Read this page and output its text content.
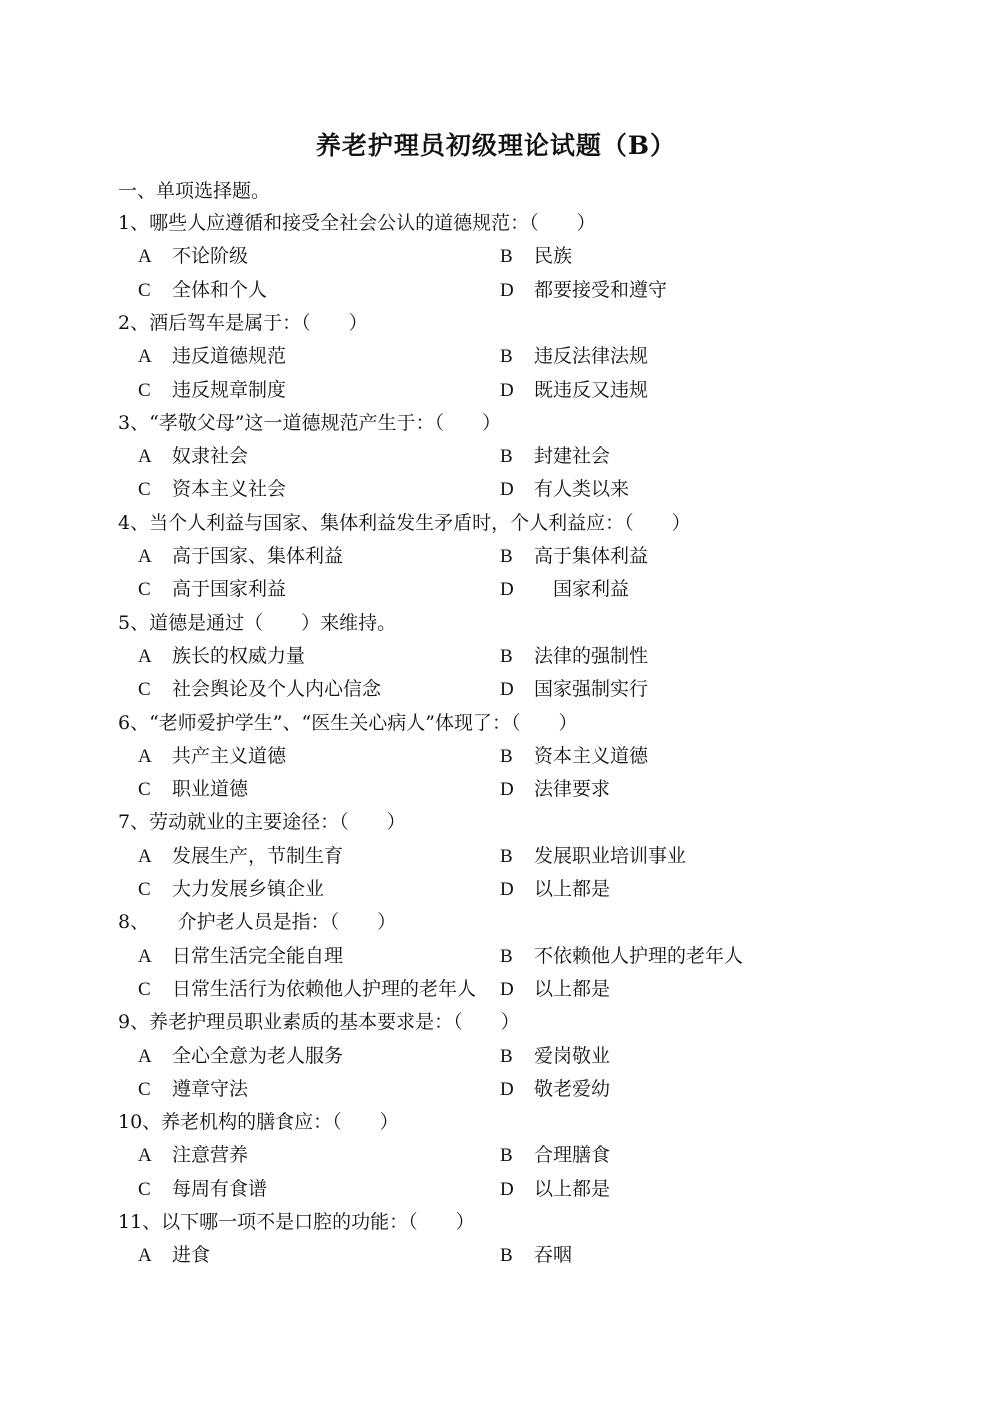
养老护理员初级理论试题（B）
一、单项选择题。
1、哪些人应遵循和接受全社会公认的道德规范：（　　）
A 不论阶级	B 民族
C 全体和个人	D 都要接受和遵守
2、酒后驾车是属于：（　　）
A 违反道德规范	B 违反法律法规
C 违反规章制度	D 既违反又违规
3、“孝敬父母”这一道德规范产生于：（　　）
A 奴隶社会	B 封建社会
C 资本主义社会	D 有人类以来
4、当个人利益与国家、集体利益发生矛盾时，个人利益应：（　　）
A 高于国家、集体利益	B 高于集体利益
C 高于国家利益	D　国家利益
5、道德是通过（　　）来维持。
A 族长的权威力量	B 法律的强制性
C 社会舆论及个人内心信念	D 国家强制实行
6、“老师爱护学生”、“医生关心病人”体现了：（　　）
A 共产主义道德	B 资本主义道德
C 职业道德	D 法律要求
7、劳动就业的主要途径：（　　）
A 发展生产，节制生育	B 发展职业培训事业
C 大力发展乡镇企业	D 以上都是
8、　　介护老人员是指：（　　）
A 日常生活完全能自理	B 不依赖他人护理的老年人
C 日常生活行为依赖他人护理的老年人 D 以上都是
9、养老护理员职业素质的基本要求是：（　　）
A 全心全意为老人服务	B 爱岗敬业
C 遵章守法	D 敬老爱幼
10、养老机构的膳食应：（　　）
A 注意营养	B 合理膳食
C 每周有食谱	D 以上都是
11、以下哪一项不是口腔的功能：（　　）
A 进食	B 吞咽
